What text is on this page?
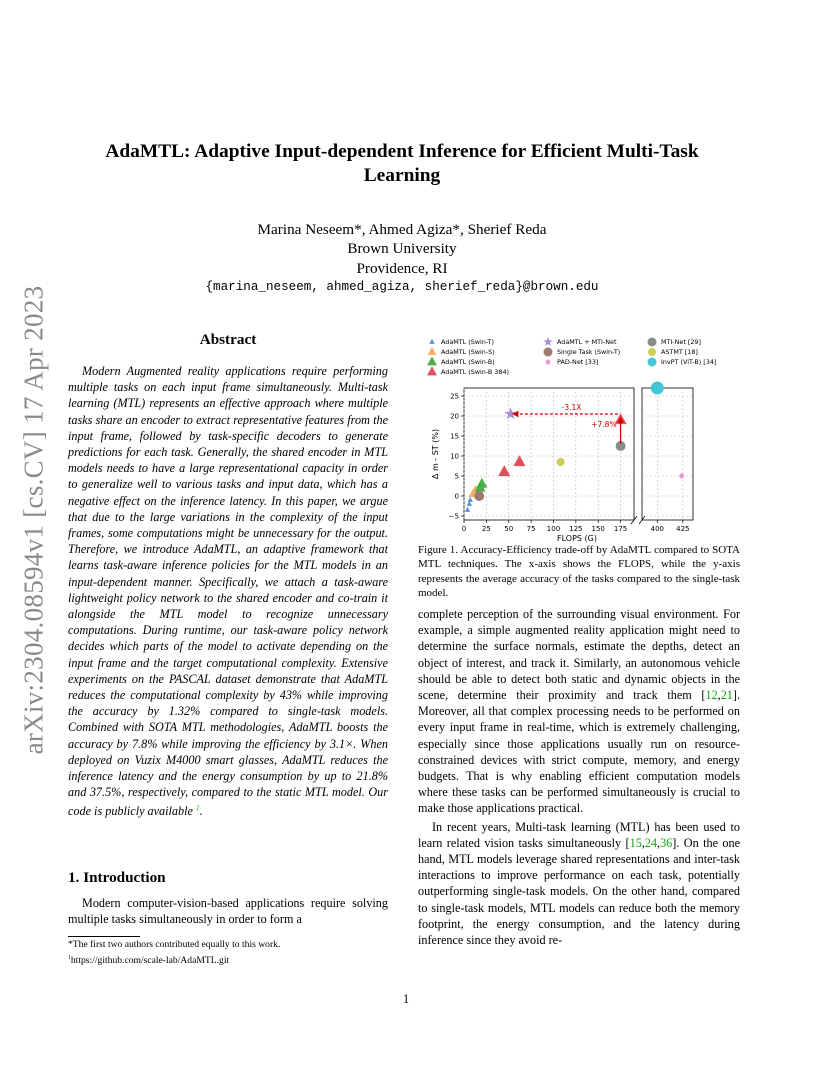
arXiv:2304.08594v1 [cs.CV] 17 Apr 2023
AdaMTL: Adaptive Input-dependent Inference for Efficient Multi-Task Learning
Marina Neseem*, Ahmed Agiza*, Sherief Reda
Brown University
Providence, RI
{marina_neseem, ahmed_agiza, sherief_reda}@brown.edu
Abstract
Modern Augmented reality applications require performing multiple tasks on each input frame simultaneously. Multi-task learning (MTL) represents an effective approach where multiple tasks share an encoder to extract representative features from the input frame, followed by task-specific decoders to generate predictions for each task. Generally, the shared encoder in MTL models needs to have a large representational capacity in order to generalize well to various tasks and input data, which has a negative effect on the inference latency. In this paper, we argue that due to the large variations in the complexity of the input frames, some computations might be unnecessary for the output. Therefore, we introduce AdaMTL, an adaptive framework that learns task-aware inference policies for the MTL models in an input-dependent manner. Specifically, we attach a task-aware lightweight policy network to the shared encoder and co-train it alongside the MTL model to recognize unnecessary computations. During runtime, our task-aware policy network decides which parts of the model to activate depending on the input frame and the target computational complexity. Extensive experiments on the PASCAL dataset demonstrate that AdaMTL reduces the computational complexity by 43% while improving the accuracy by 1.32% compared to single-task models. Combined with SOTA MTL methodologies, AdaMTL boosts the accuracy by 7.8% while improving the efficiency by 3.1×. When deployed on Vuzix M4000 smart glasses, AdaMTL reduces the inference latency and the energy consumption by up to 21.8% and 37.5%, respectively, compared to the static MTL model. Our code is publicly available $^1$.
1. Introduction
Modern computer-vision-based applications require solving multiple tasks simultaneously in order to form a
*The first two authors contributed equally to this work.
$^1$https://github.com/scale-lab/AdaMTL.git
0 25 50 75 100 125 150 175	400 425
−5
0
5
10
15
20
25
FLOPS (G)
Δ m - ST (%)
-3.1X
+7.8%
AdaMTL (Swin-T)
AdaMTL (Swin-S)
AdaMTL (Swin-B)
AdaMTL (Swin-B 384)
AdaMTL + MTI-Net
Single Task (Swin-T)
PAD-Net [33]
MTI-Net [29]
ASTMT [18]
InvPT (ViT-B) [34]
Figure 1. Accuracy-Efficiency trade-off by AdaMTL compared to SOTA MTL techniques. The x-axis shows the FLOPS, while the y-axis represents the average accuracy of the tasks compared to the single-task model.

complete perception of the surrounding visual environment. For example, a simple augmented reality application might need to determine the surface normals, estimate the depths, detect an object of interest, and track it. Similarly, an autonomous vehicle should be able to detect both static and dynamic objects in the scene, determine their proximity and track them [12,21]. Moreover, all that complex processing needs to be performed on every input frame in real-time, which is extremely challenging, especially since those applications usually run on resource-constrained devices with strict compute, memory, and energy budgets. That is why enabling efficient computation models where these tasks can be performed simultaneously is crucial to make those applications practical.

In recent years, Multi-task learning (MTL) has been used to learn related vision tasks simultaneously [15,24,36]. On the one hand, MTL models leverage shared representations and inter-task interactions to improve performance on each task, potentially outperforming single-task models. On the other hand, compared to single-task models, MTL models can reduce both the memory footprint, the energy consumption, and the latency during inference since they avoid re-

1
